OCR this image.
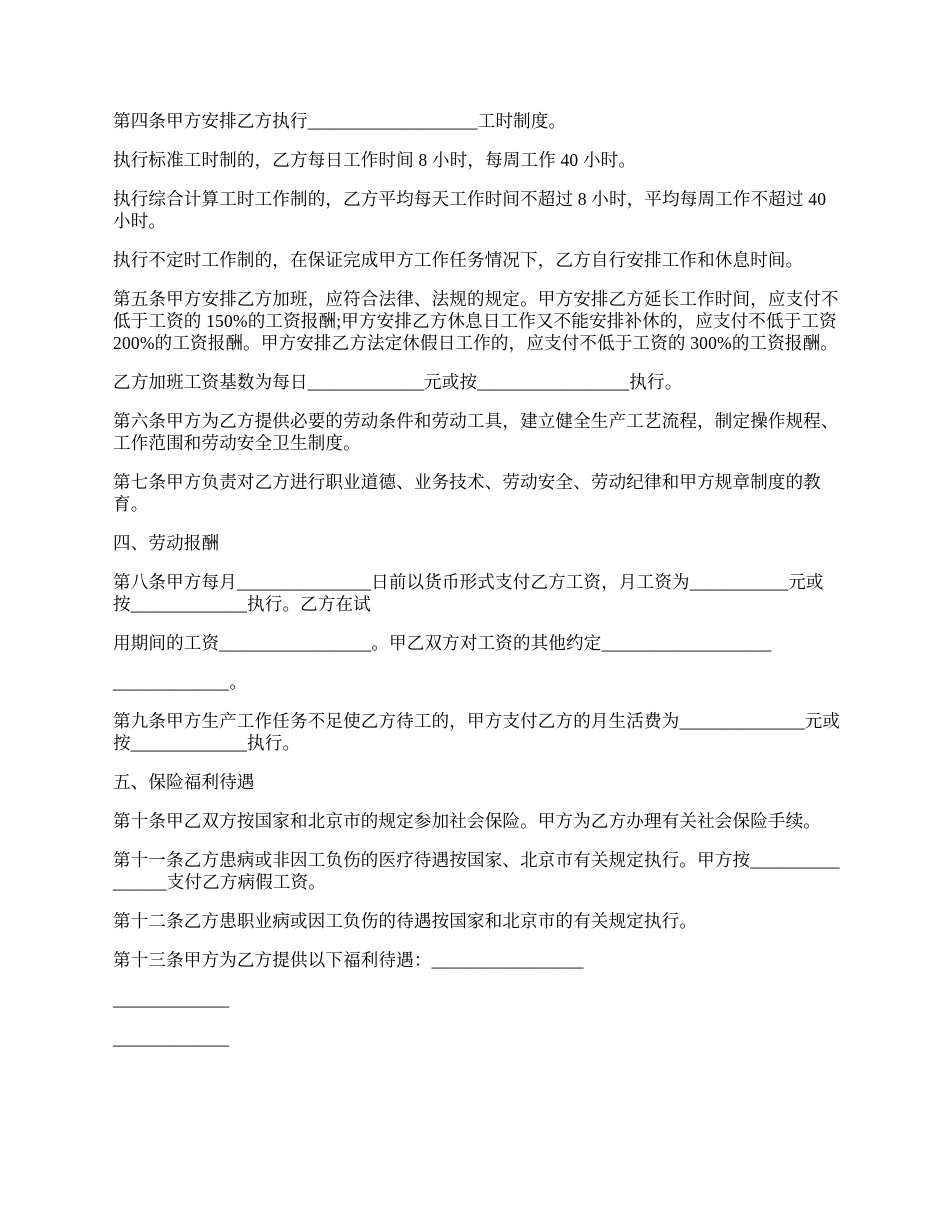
第四条甲方安排乙方执行___________________工时制度。

执行标准工时制的，乙方每日工作时间 8 小时，每周工作 40 小时。

执行综合计算工时工作制的，乙方平均每天工作时间不超过 8 小时，平均每周工作不超过 40 小时。

执行不定时工作制的，在保证完成甲方工作任务情况下，乙方自行安排工作和休息时间。

第五条甲方安排乙方加班，应符合法律、法规的规定。甲方安排乙方延长工作时间，应支付不低于工资的 150%的工资报酬;甲方安排乙方休息日工作又不能安排补休的，应支付不低于工资 200%的工资报酬。甲方安排乙方法定休假日工作的，应支付不低于工资的 300%的工资报酬。

乙方加班工资基数为每日_____________元或按_________________执行。

第六条甲方为乙方提供必要的劳动条件和劳动工具，建立健全生产工艺流程，制定操作规程、工作范围和劳动安全卫生制度。

第七条甲方负责对乙方进行职业道德、业务技术、劳动安全、劳动纪律和甲方规章制度的教育。

四、劳动报酬

第八条甲方每月_______________日前以货币形式支付乙方工资，月工资为___________元或按_____________执行。乙方在试

用期间的工资_________________。甲乙双方对工资的其他约定___________________

_____________。

第九条甲方生产工作任务不足使乙方待工的，甲方支付乙方的月生活费为______________元或按_____________执行。

五、保险福利待遇

第十条甲乙双方按国家和北京市的规定参加社会保险。甲方为乙方办理有关社会保险手续。

第十一条乙方患病或非因工负伤的医疗待遇按国家、北京市有关规定执行。甲方按________________支付乙方病假工资。

第十二条乙方患职业病或因工负伤的待遇按国家和北京市的有关规定执行。

第十三条甲方为乙方提供以下福利待遇：_________________

_____________

_____________
